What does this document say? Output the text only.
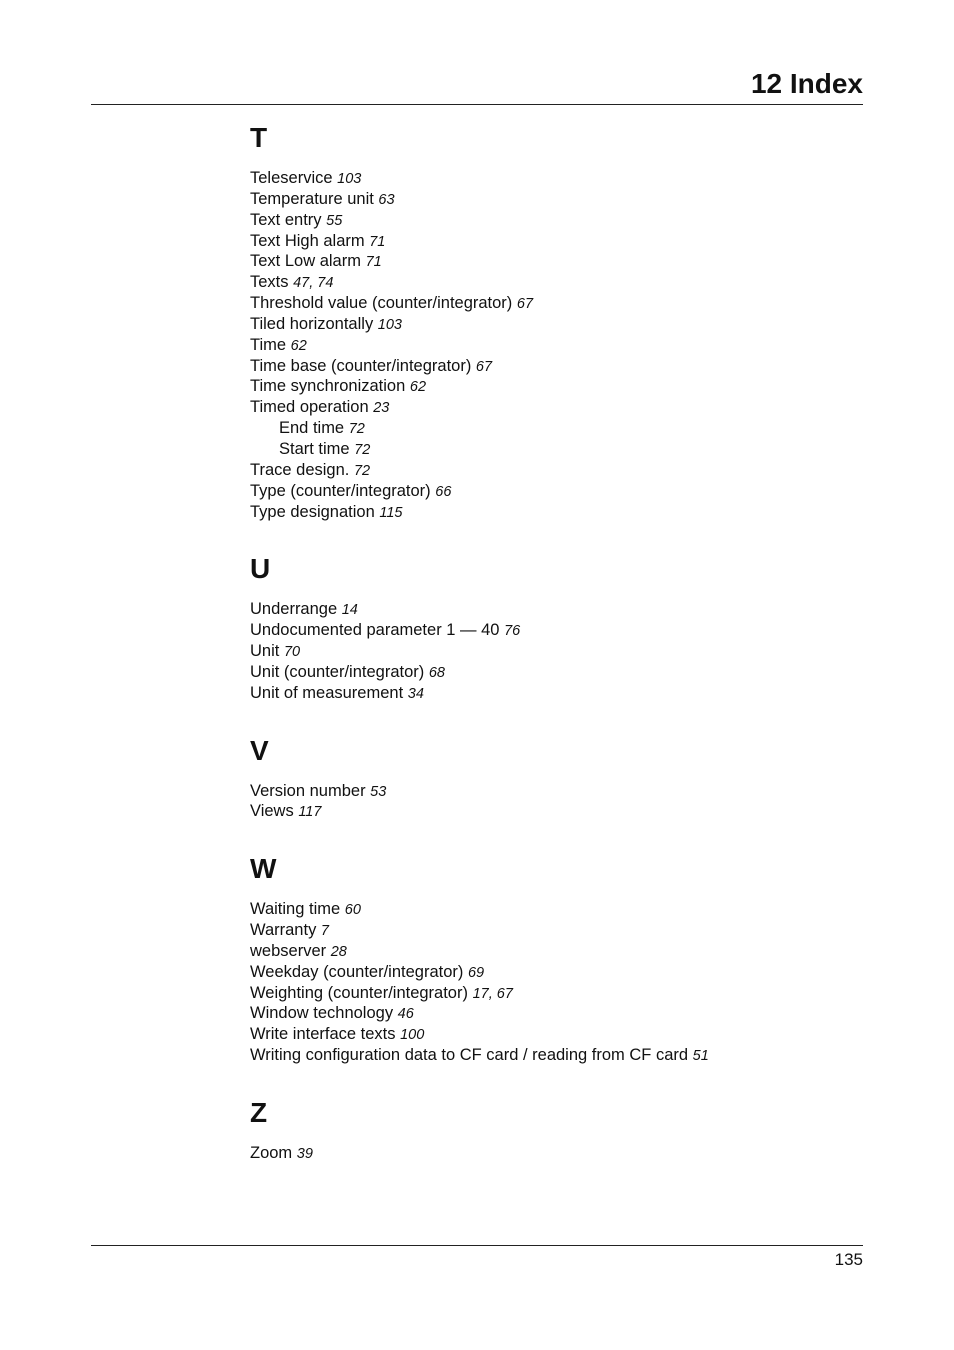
12 Index
T
Teleservice 103
Temperature unit 63
Text entry 55
Text High alarm 71
Text Low alarm 71
Texts 47, 74
Threshold value (counter/integrator) 67
Tiled horizontally 103
Time 62
Time base (counter/integrator) 67
Time synchronization 62
Timed operation 23
End time 72
Start time 72
Trace design. 72
Type (counter/integrator) 66
Type designation 115
U
Underrange 14
Undocumented parameter 1 — 40 76
Unit 70
Unit (counter/integrator) 68
Unit of measurement 34
V
Version number 53
Views 117
W
Waiting time 60
Warranty 7
webserver 28
Weekday (counter/integrator) 69
Weighting (counter/integrator) 17, 67
Window technology 46
Write interface texts 100
Writing configuration data to CF card / reading from CF card 51
Z
Zoom 39
135
